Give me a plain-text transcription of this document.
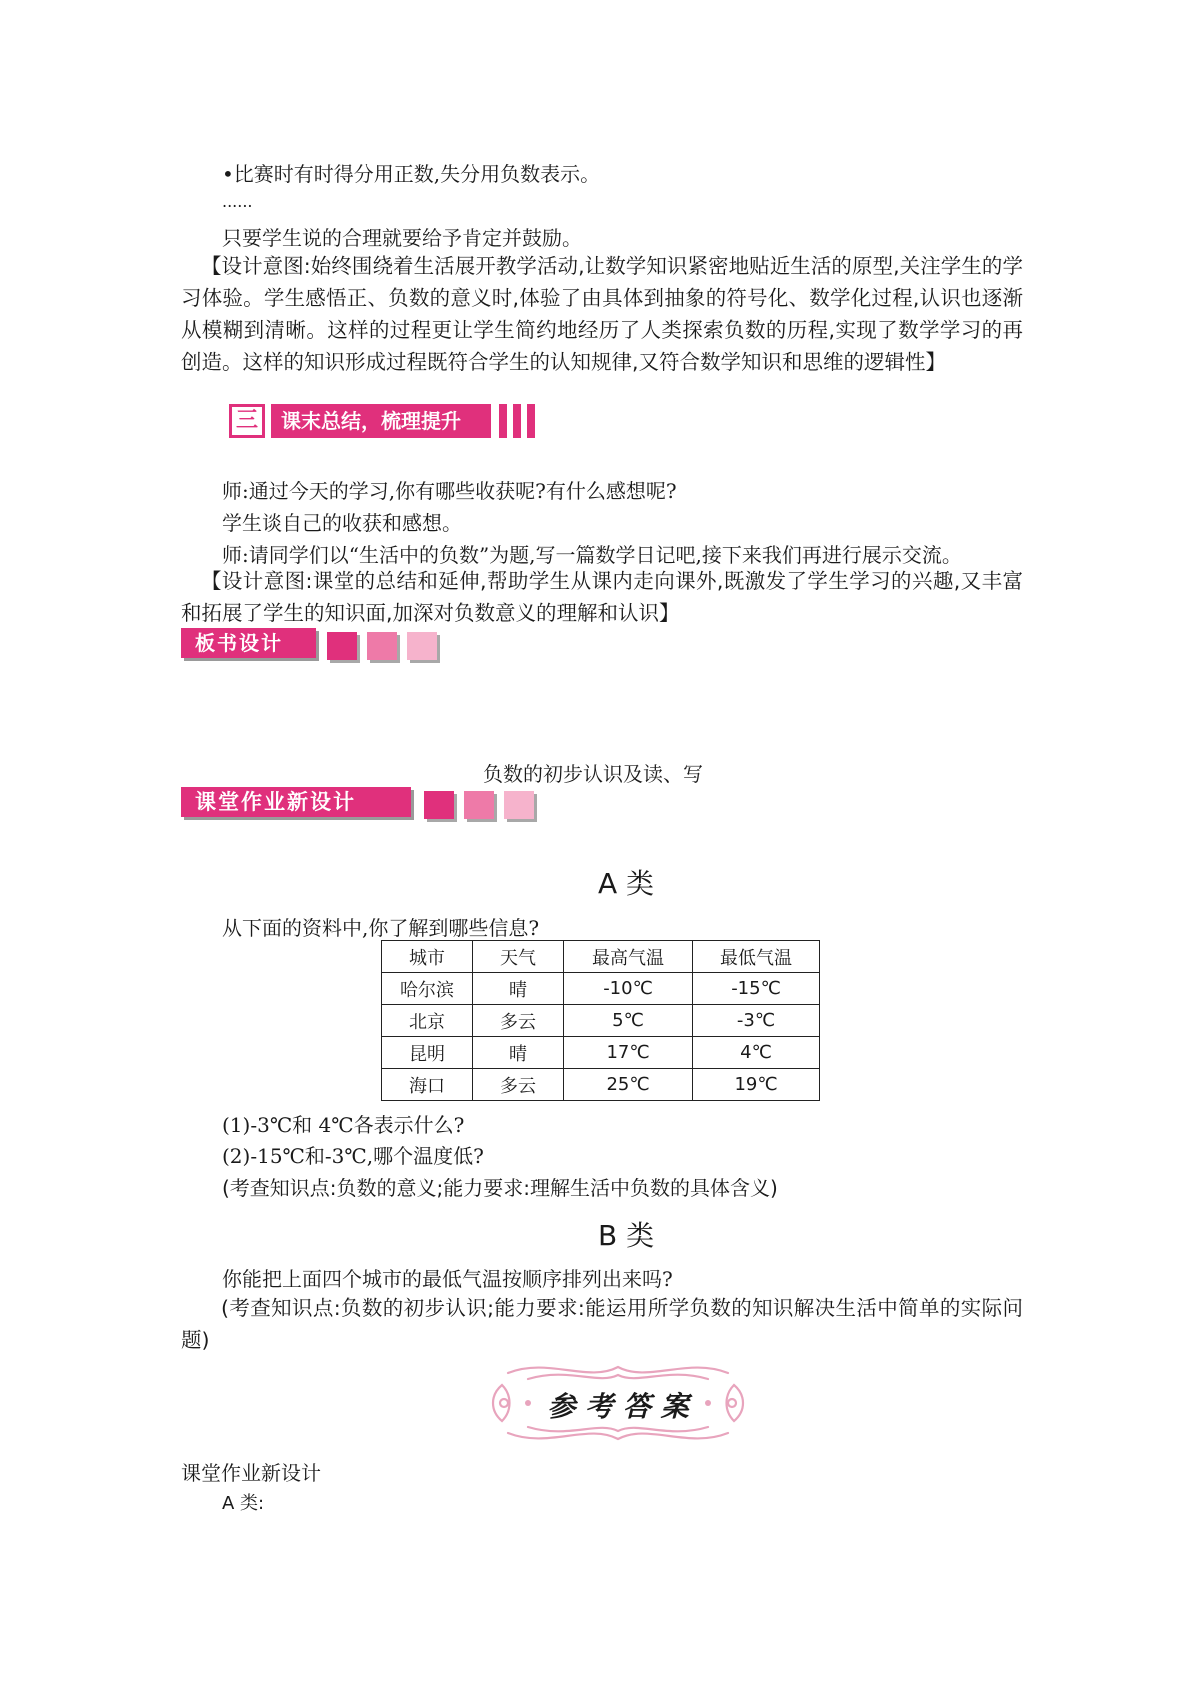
•比赛时有时得分用正数,失分用负数表示。
......
只要学生说的合理就要给予肯定并鼓励。
【设计意图:始终围绕着生活展开教学活动,让数学知识紧密地贴近生活的原型,关注学生的学习体验。学生感悟正、负数的意义时,体验了由具体到抽象的符号化、数学化过程,认识也逐渐从模糊到清晰。这样的过程更让学生简约地经历了人类探索负数的历程,实现了数学学习的再创造。这样的知识形成过程既符合学生的认知规律,又符合数学知识和思维的逻辑性】
三	课末总结，梳理提升
师:通过今天的学习,你有哪些收获呢?有什么感想呢?
学生谈自己的收获和感想。
师:请同学们以“生活中的负数”为题,写一篇数学日记吧,接下来我们再进行展示交流。
【设计意图:课堂的总结和延伸,帮助学生从课内走向课外,既激发了学生学习的兴趣,又丰富和拓展了学生的知识面,加深对负数意义的理解和认识】
板书设计
负数的初步认识及读、写
课堂作业新设计
A 类
从下面的资料中,你了解到哪些信息?
城市	天气	最高气温	最低气温
哈尔滨	晴	-10℃	-15℃
北京	多云	5℃	-3℃
昆明	晴	17℃	4℃
海口	多云	25℃	19℃
(1)-3℃和 4℃各表示什么?
(2)-15℃和-3℃,哪个温度低?
(考查知识点:负数的意义;能力要求:理解生活中负数的具体含义)
B 类
你能把上面四个城市的最低气温按顺序排列出来吗?
(考查知识点:负数的初步认识;能力要求:能运用所学负数的知识解决生活中简单的实际问题)
参 考 答 案
课堂作业新设计
A 类:
